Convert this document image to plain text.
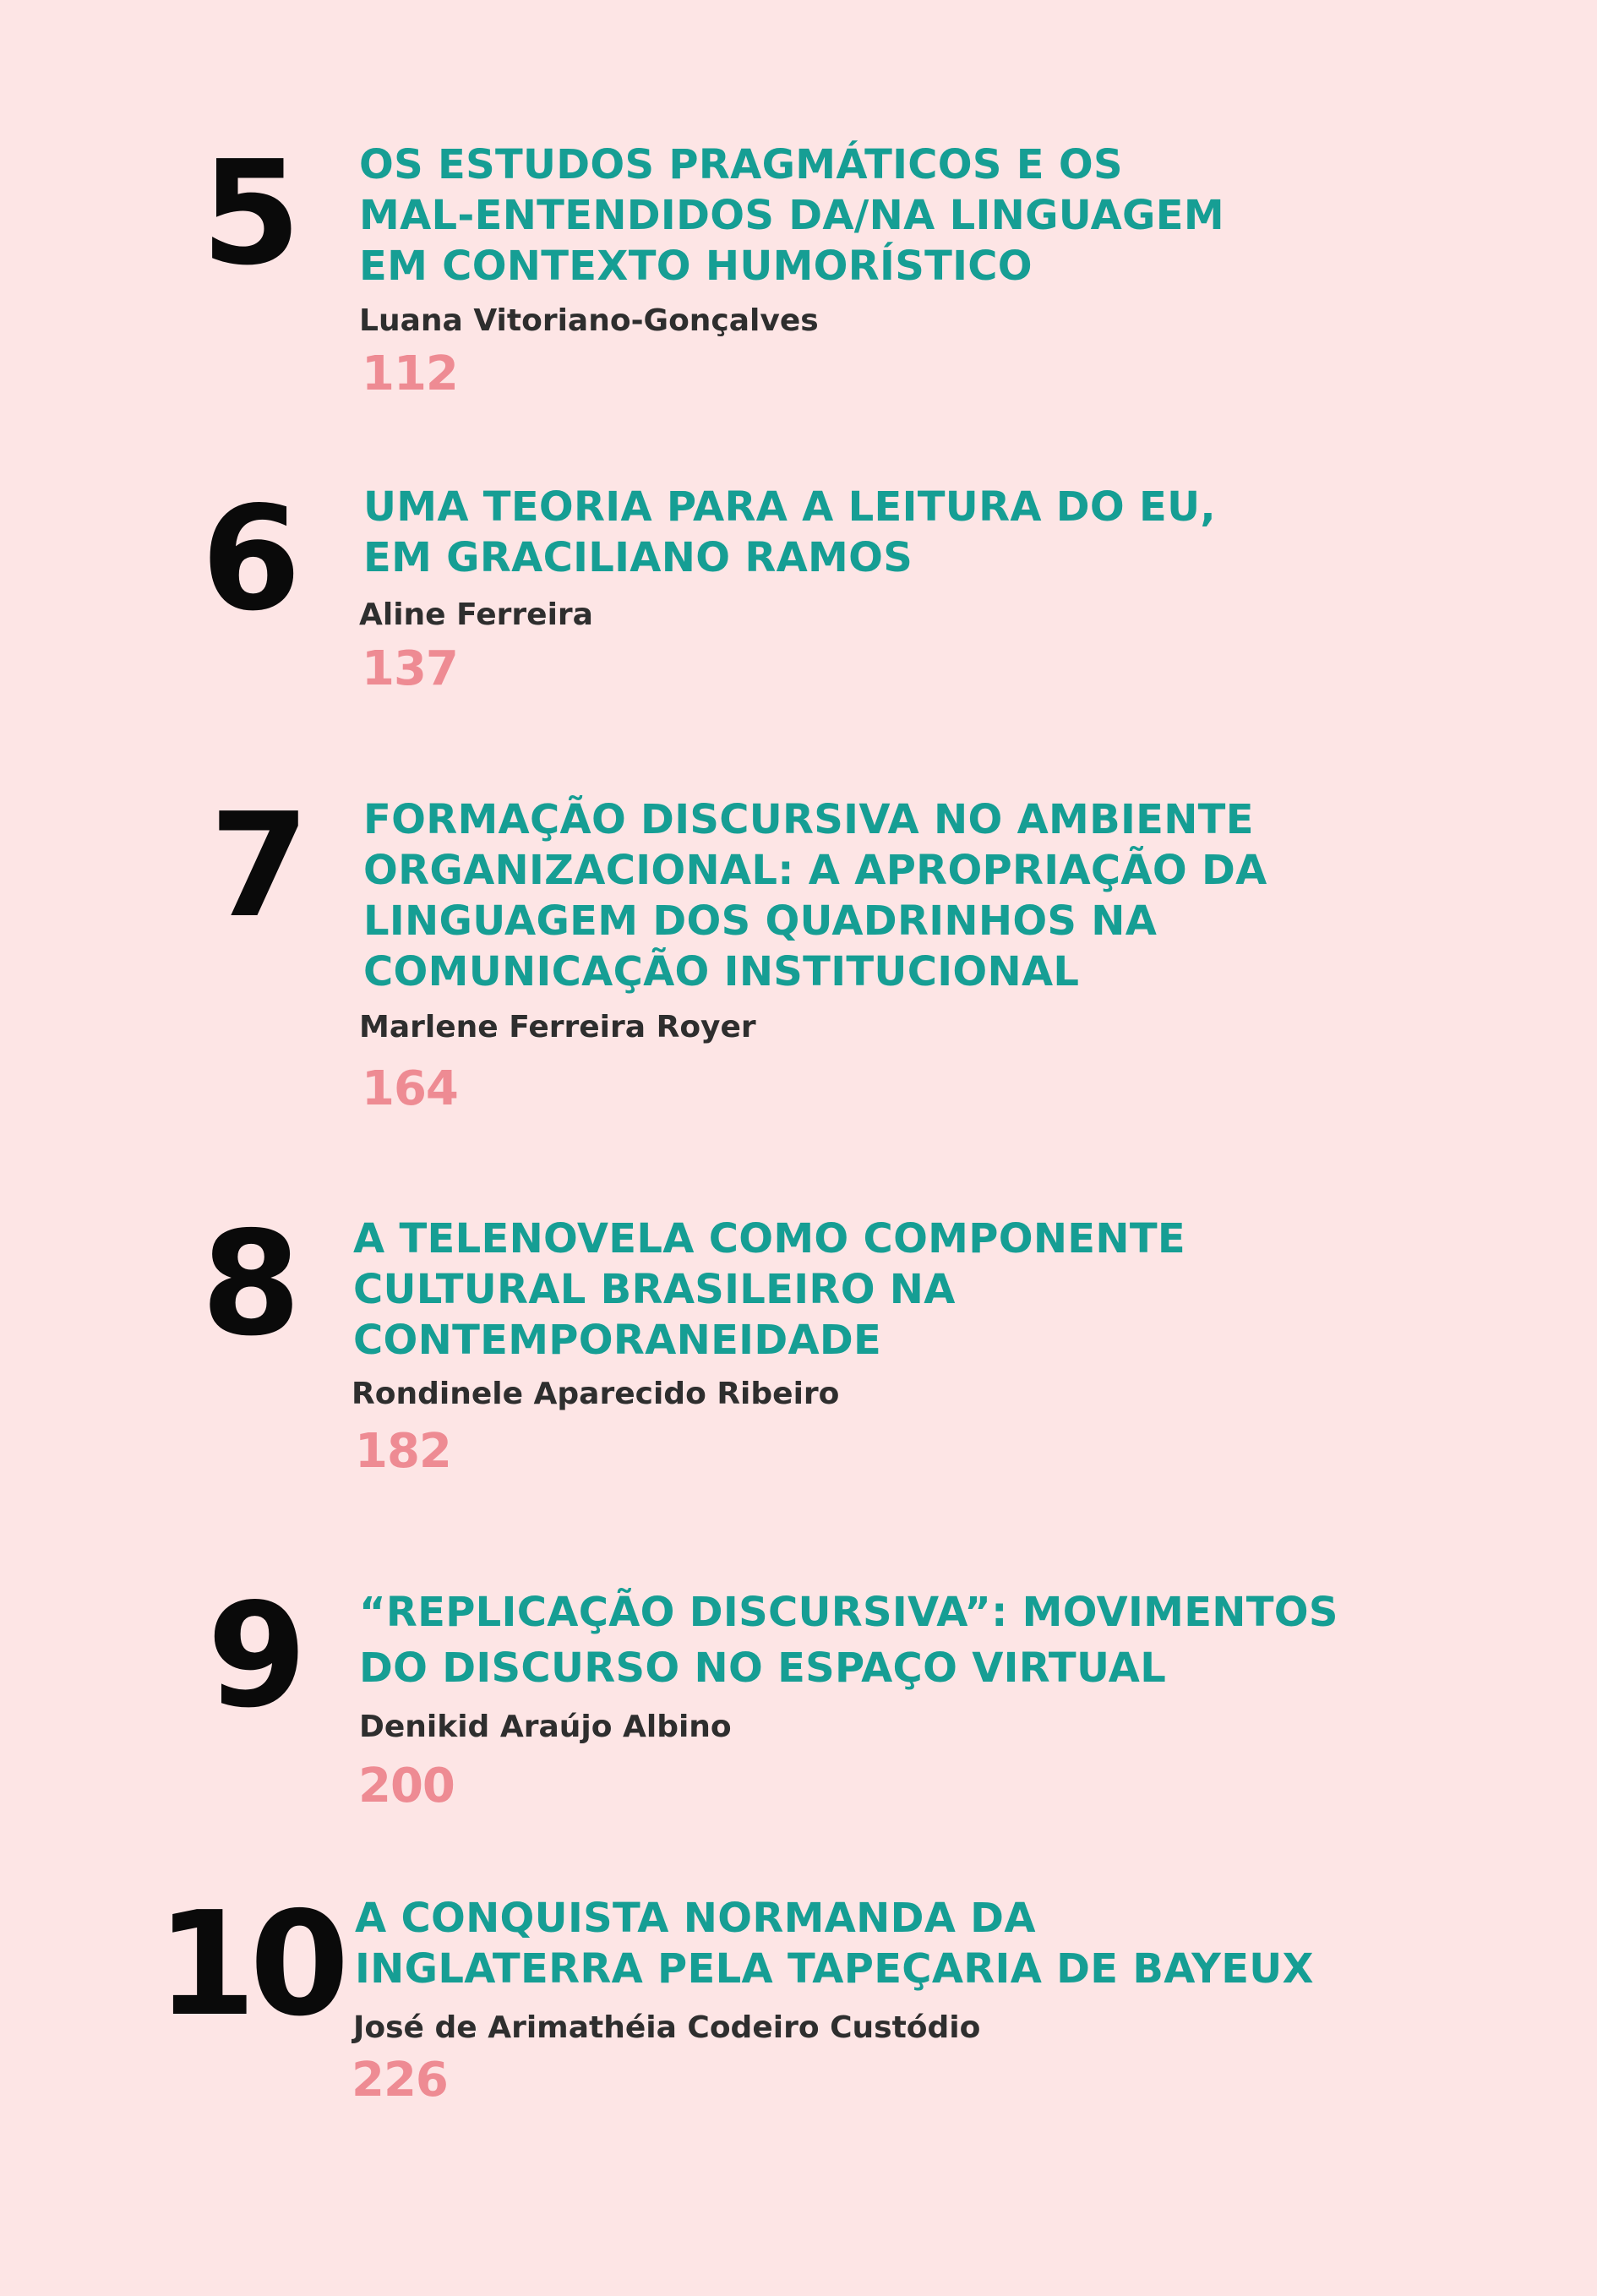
5 OS ESTUDOS PRAGMÁTICOS E OS
MAL-ENTENDIDOS DA/NA LINGUAGEM
EM CONTEXTO HUMORÍSTICO
Luana Vitoriano-Gonçalves
112
6 UMA TEORIA PARA A LEITURA DO EU,
EM GRACILIANO RAMOS
Aline Ferreira
137
7 FORMAÇÃO DISCURSIVA NO AMBIENTE
ORGANIZACIONAL: A APROPRIAÇÃO DA
LINGUAGEM DOS QUADRINHOS NA
COMUNICAÇÃO INSTITUCIONAL
Marlene Ferreira Royer
164
8 A TELENOVELA COMO COMPONENTE
CULTURAL BRASILEIRO NA
CONTEMPORANEIDADE
Rondinele Aparecido Ribeiro
182
9 “REPLICAÇÃO DISCURSIVA”: MOVIMENTOS
DO DISCURSO NO ESPAÇO VIRTUAL
Denikid Araújo Albino
200
10 A CONQUISTA NORMANDA DA
INGLATERRA PELA TAPEÇARIA DE BAYEUX
José de Arimathéia Codeiro Custódio
226
